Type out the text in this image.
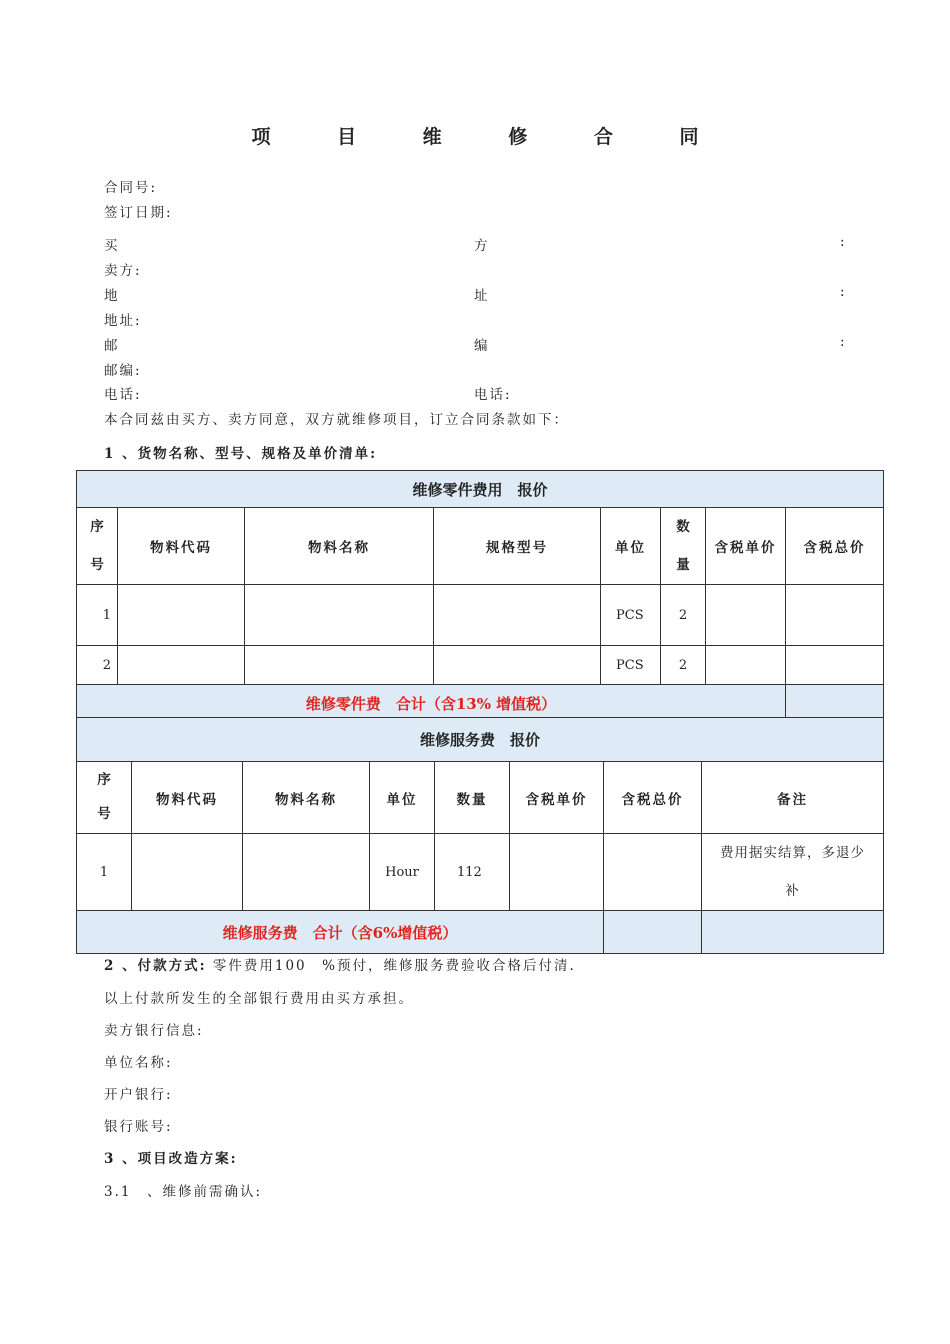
项 目 维 修 合 同
合同号:
签订日期:
买	方	:
卖方:
地	址	:
地址:
邮	编	:
邮编:
电话:	电话:
本合同兹由买方、卖方同意，双方就维修项目，订立合同条款如下：
1 、货物名称、型号、规格及单价清单:
维修零件费用　报价							
序号	物料代码	物料名称	规格型号	单位	数量	含税单价	含税总价
1				PCS	2		
2				PCS	2		
维修零件费　合计（含13% 增值税）							
维修服务费　报价							
序号	物料代码	物料名称	单位	数量	含税单价	含税总价	备注
1			Hour	112			费用据实结算，多退少
补

维修服务费　合计（含6%增值税）							
2 、付款方式: 零件费用100　%预付，维修服务费验收合格后付清.
以上付款所发生的全部银行费用由买方承担。
卖方银行信息:
单位名称:
开户银行:
银行账号:
3 、项目改造方案:
3.1　、维修前需确认:
